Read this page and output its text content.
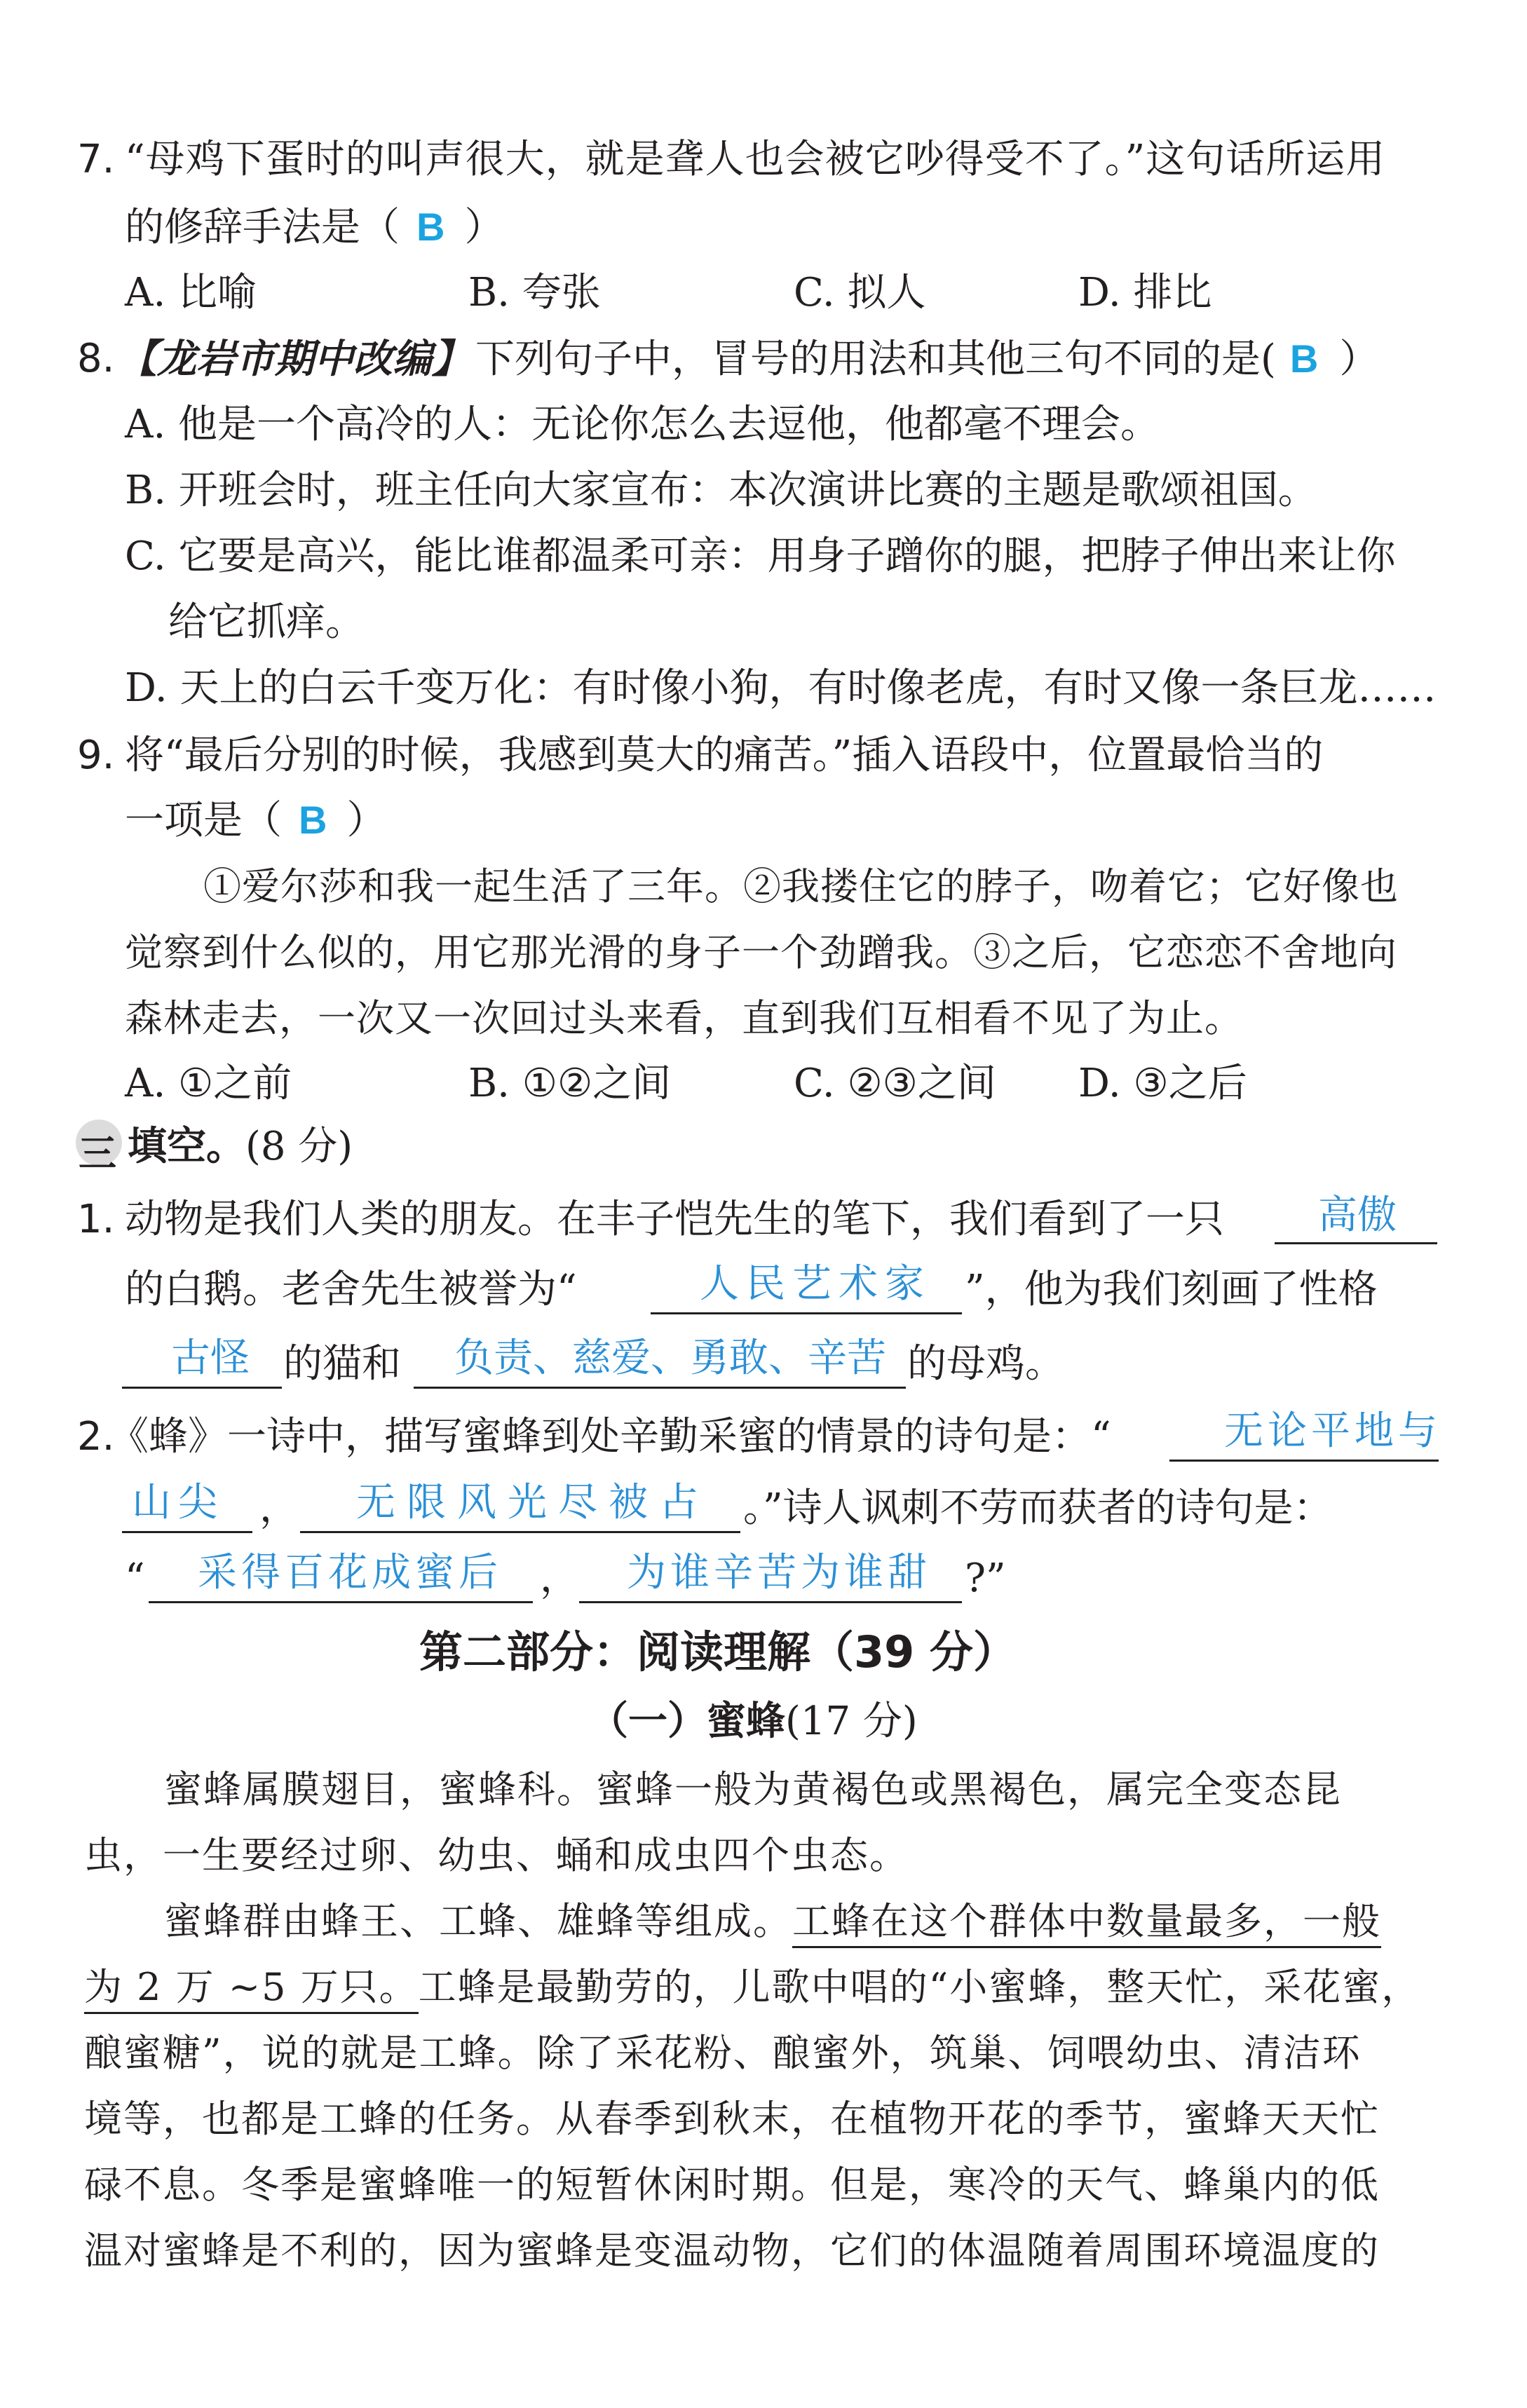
7. “母鸡下蛋时的叫声很大，就是聋人也会被它吵得受不了。”这句话所运用
的修辞手法是（ B ）
A. 比喻	B. 夸张	C. 拟人	D. 排比
8. 【龙岩市期中改编】 下列句子中，冒号的用法和其他三句不同的是( B ）
A. 他是一个高冷的人：无论你怎么去逗他，他都毫不理会。
B. 开班会时，班主任向大家宣布：本次演讲比赛的主题是歌颂祖国。
C. 它要是高兴，能比谁都温柔可亲：用身子蹭你的腿，把脖子伸出来让你
给它抓痒。
D. 天上的白云千变万化：有时像小狗，有时像老虎，有时又像一条巨龙……
9. 将“最后分别的时候，我感到莫大的痛苦。”插入语段中，位置最恰当的
一项是（ B ）
①爱尔莎和我一起生活了三年。②我搂住它的脖子，吻着它；它好像也
觉察到什么似的，用它那光滑的身子一个劲蹭我。③之后，它恋恋不舍地向
森林走去，一次又一次回过头来看，直到我们互相看不见了为止。
A. ①之前	B. ①②之间	C. ②③之间 D. ③之后
三 填空。(8 分)
1. 动物是我们人类的朋友。在丰子恺先生的笔下，我们看到了一只 高傲
的白鹅。老舍先生被誉为“	人民艺术家 ”，他为我们刻画了性格
古怪 的猫和 负责、慈爱、勇敢、辛苦 的母鸡。
2.
《蜂》一诗中，描写蜜蜂到处辛勤采蜜的情景的诗句是：“	无论平地与
山尖 ， 无限风光尽被占 。”诗人讽刺不劳而获者的诗句是：
“ 采得百花成蜜后 ， 为谁辛苦为谁甜 ?”
第二部分：阅读理解（39 分）
（一）蜜蜂(17 分)
蜜蜂属膜翅目，蜜蜂科。蜜蜂一般为黄褐色或黑褐色，属完全变态昆
虫，一生要经过卵、幼虫、蛹和成虫四个虫态。
蜜蜂群由蜂王、工蜂、雄蜂等组成。工蜂在这个群体中数量最多，一般
为 2 万 ~5 万只。工蜂是最勤劳的，儿歌中唱的“小蜜蜂，整天忙，采花蜜，
酿蜜糖”，说的就是工蜂。除了采花粉、酿蜜外，筑巢、饲喂幼虫、清洁环
境等，也都是工蜂的任务。从春季到秋末，在植物开花的季节，蜜蜂天天忙
碌不息。冬季是蜜蜂唯一的短暂休闲时期。但是，寒冷的天气、蜂巢内的低
温对蜜蜂是不利的，因为蜜蜂是变温动物，它们的体温随着周围环境温度的
